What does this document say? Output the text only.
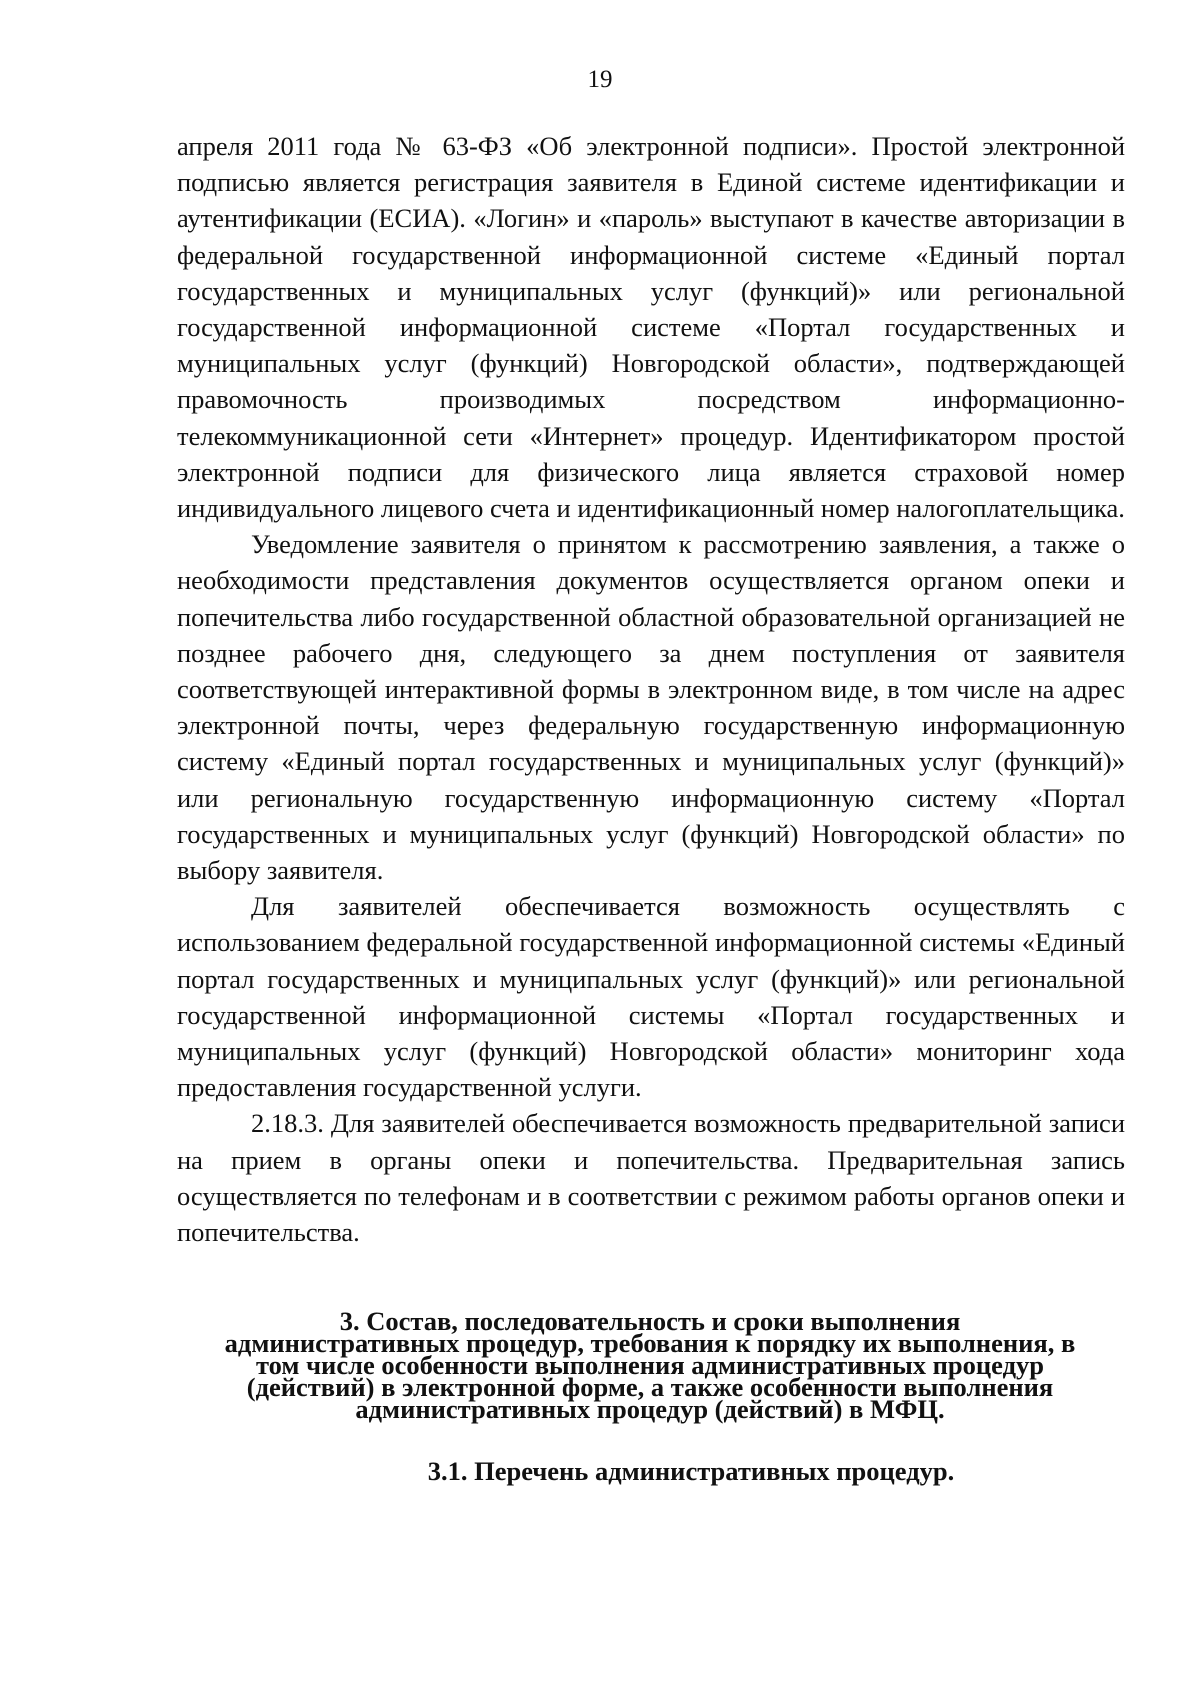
19

апреля 2011 года № 63-ФЗ «Об электронной подписи». Простой электронной подписью является регистрация заявителя в Единой системе идентификации и аутентификации (ЕСИА). «Логин» и «пароль» выступают в качестве авторизации в федеральной государственной информационной системе «Единый портал государственных и муниципальных услуг (функций)» или региональной государственной информационной системе «Портал государственных и муниципальных услуг (функций) Новгородской области», подтверждающей правомочность производимых посредством информационно-телекоммуникационной сети «Интернет» процедур. Идентификатором простой электронной подписи для физического лица является страховой номер индивидуального лицевого счета и идентификационный номер налогоплательщика.

Уведомление заявителя о принятом к рассмотрению заявления, а также о необходимости представления документов осуществляется органом опеки и попечительства либо государственной областной образовательной организацией не позднее рабочего дня, следующего за днем поступления от заявителя соответствующей интерактивной формы в электронном виде, в том числе на адрес электронной почты, через федеральную государственную информационную систему «Единый портал государственных и муниципальных услуг (функций)» или региональную государственную информационную систему «Портал государственных и муниципальных услуг (функций) Новгородской области» по выбору заявителя.

Для заявителей обеспечивается возможность осуществлять с использованием федеральной государственной информационной системы «Единый портал государственных и муниципальных услуг (функций)» или региональной государственной информационной системы «Портал государственных и муниципальных услуг (функций) Новгородской области» мониторинг хода предоставления государственной услуги.

2.18.3. Для заявителей обеспечивается возможность предварительной записи на прием в органы опеки и попечительства. Предварительная запись осуществляется по телефонам и в соответствии с режимом работы органов опеки и попечительства.

3. Состав, последовательность и сроки выполнения
административных процедур, требования к порядку их выполнения, в
том числе особенности выполнения административных процедур
(действий) в электронной форме, а также особенности выполнения
административных процедур (действий) в МФЦ.
3.1. Перечень административных процедур.
